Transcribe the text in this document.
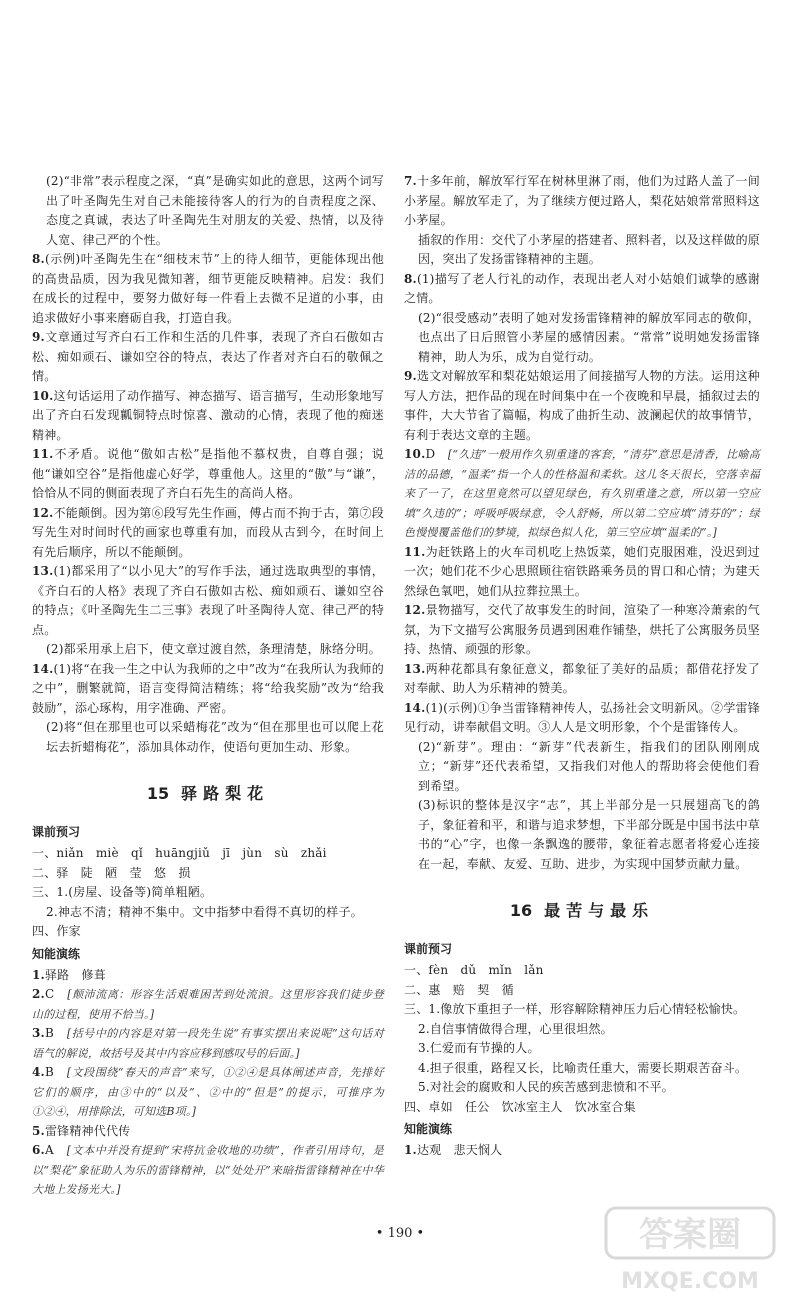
(2)“非常”表示程度之深，“真”是确实如此的意思，这两个词写出了叶圣陶先生对自己未能接待客人的行为的自责程度之深、态度之真诚，表达了叶圣陶先生对朋友的关爱、热情，以及待人宽、律己严的个性。

8.(示例)叶圣陶先生在“细枝末节”上的待人细节，更能体现出他的高贵品质，因为我见微知著，细节更能反映精神。启发：我们在成长的过程中，要努力做好每一件看上去微不足道的小事，由追求做好小事来磨砺自我，打造自我。

9.文章通过写齐白石工作和生活的几件事，表现了齐白石傲如古松、痴如顽石、谦如空谷的特点，表达了作者对齐白石的敬佩之情。

10.这句话运用了动作描写、神态描写、语言描写，生动形象地写出了齐白石发现瓤铜特点时惊喜、激动的心情，表现了他的痴迷精神。

11.不矛盾。说他“傲如古松”是指他不慕权贵，自尊自强；说他“谦如空谷”是指他虚心好学，尊重他人。这里的“傲”与“谦”，恰恰从不同的侧面表现了齐白石先生的高尚人格。

12.不能颠倒。因为第⑥段写先生作画，傅占而不拘于古，第⑦段写先生对时间时代的画家也尊重有加，而段从古到今，在时间上有先后顺序，所以不能颠倒。

13.(1)都采用了“以小见大”的写作手法，通过选取典型的事情，《齐白石的人格》表现了齐白石傲如古松、痴如顽石、谦如空谷的特点；《叶圣陶先生二三事》表现了叶圣陶待人宽、律己严的特点。

(2)都采用承上启下，使文章过渡自然，条理清楚，脉络分明。

14.(1)将“在我一生之中认为我师的之中”改为“在我所认为我师的之中”，删繁就简，语言变得简洁精练；将“给我奖励”改为“给我鼓励”，添心琢构，用字准确、严密。

(2)将“但在那里也可以采蜡梅花”改为“但在那里也可以爬上花坛去折蜡梅花”，添加具体动作，使语句更加生动、形象。

15 驿路梨花

课前预习

一、niǎn　miè　qǐ　huāngjiǔ　jī　jùn　sù　zhǎi

二、驿　陡　陋　莹　悠　损

三、1.(房屋、设备等)简单粗陋。

2.神志不清；精神不集中。文中指梦中看得不真切的样子。

四、作家

知能演练

1.驿路　修葺

2.C　 [颠沛流离：形容生活艰难困苦到处流浪。这里形容我们徒步登山的过程，使用不恰当。]

3.B　 [括号中的内容是对第一段先生说“有事实摆出来说呢”这句话对语气的解说，故括号及其中内容应移到感叹号的后面。]

4.B　 [文段围绕“春天的声音”来写，①②④是具体阐述声音，先排好它们的顺序，由③中的“以及”、②中的“但是”的提示，可推序为①②④，用排除法，可知选B项。]

5.雷锋精神代代传

6.A　 [文本中并没有提到“宋将抗金收地的功绩”，作者引用诗句，是以“梨花”象征助人为乐的雷锋精神，以“处处开”来暗指雷锋精神在中华大地上发扬光大。]

7.十多年前，解放军行军在树林里淋了雨，他们为过路人盖了一间小茅屋。解放军走了，为了继续方便过路人，梨花姑娘常常照料这小茅屋。

插叙的作用：交代了小茅屋的搭建者、照料者，以及这样做的原因，突出了发扬雷锋精神的主题。

8.(1)描写了老人行礼的动作，表现出老人对小姑娘们诚挚的感谢之情。

(2)“很受感动”表明了她对发扬雷锋精神的解放军同志的敬仰，也点出了日后照管小茅屋的感情因素。“常常”说明她发扬雷锋精神，助人为乐，成为自觉行动。

9.选文对解放军和梨花姑娘运用了间接描写人物的方法。运用这种写人方法，把作品的现在时间集中在一个夜晚和早晨，插叙过去的事件，大大节省了篇幅，构成了曲折生动、波澜起伏的故事情节，有利于表达文章的主题。

10.D　 [“久违”一般用作久别重逢的客套，“清芬”意思是清香，比喻高洁的品德，“温柔”指一个人的性格温和柔软。这儿冬天很长，空落幸福来了一了，在这里竟然可以望见绿色，有久别重逢之意，所以第一空应填“久违的”；呼吸呼吸绿意，令人舒畅，所以第二空应填“清芬的”；绿色慢慢覆盖他们的梦境，拟绿色拟人化，第三空应填“温柔的”。]

11.为赶铁路上的火车司机吃上热饭菜，她们克服困难，没迟到过一次；她们花不少心思照顾往宿铁路乘务员的胃口和心情；为建天然绿色氧吧，她们从拉葬拉黑土。

12.景物描写，交代了故事发生的时间，渲染了一种寒冷萧索的气氛，为下文描写公寓服务员遇到困难作铺垫，烘托了公寓服务员坚持、热情、顽强的形象。

13.两种花都具有象征意义，都象征了美好的品质；都借花抒发了对奉献、助人为乐精神的赞美。

14.(1)(示例)①争当雷锋精神传人，弘扬社会文明新风。②学雷锋见行动，讲奉献倡文明。③人人是文明形象，个个是雷锋传人。

(2)“新芽”。理由：“新芽”代表新生，指我们的团队刚刚成立；“新芽”还代表希望，又指我们对他人的帮助将会使他们看到希望。

(3)标识的整体是汉字“志”，其上半部分是一只展翅高飞的鸽子，象征着和平，和谐与追求梦想，下半部分既是中国书法中草书的“心”字，也像一条飘逸的腰带，象征着志愿者将爱心连接在一起，奉献、友爱、互助、进步，为实现中国梦贡献力量。

16 最苦与最乐

课前预习

一、fèn　dǔ　mǐn　lǎn

二、惠　赔　契　循

三、1.像放下重担子一样，形容解除精神压力后心情轻松愉快。

2.自信事情做得合理，心里很坦然。

3.仁爱而有节操的人。

4.担子很重，路程又长，比喻责任重大，需要长期艰苦奋斗。

5.对社会的腐败和人民的疾苦感到悲愤和不平。

四、卓如　任公　饮冰室主人　饮冰室合集

知能演练

1.达观　悲天悯人

• 190 •	答案圈
MXQE.COM
